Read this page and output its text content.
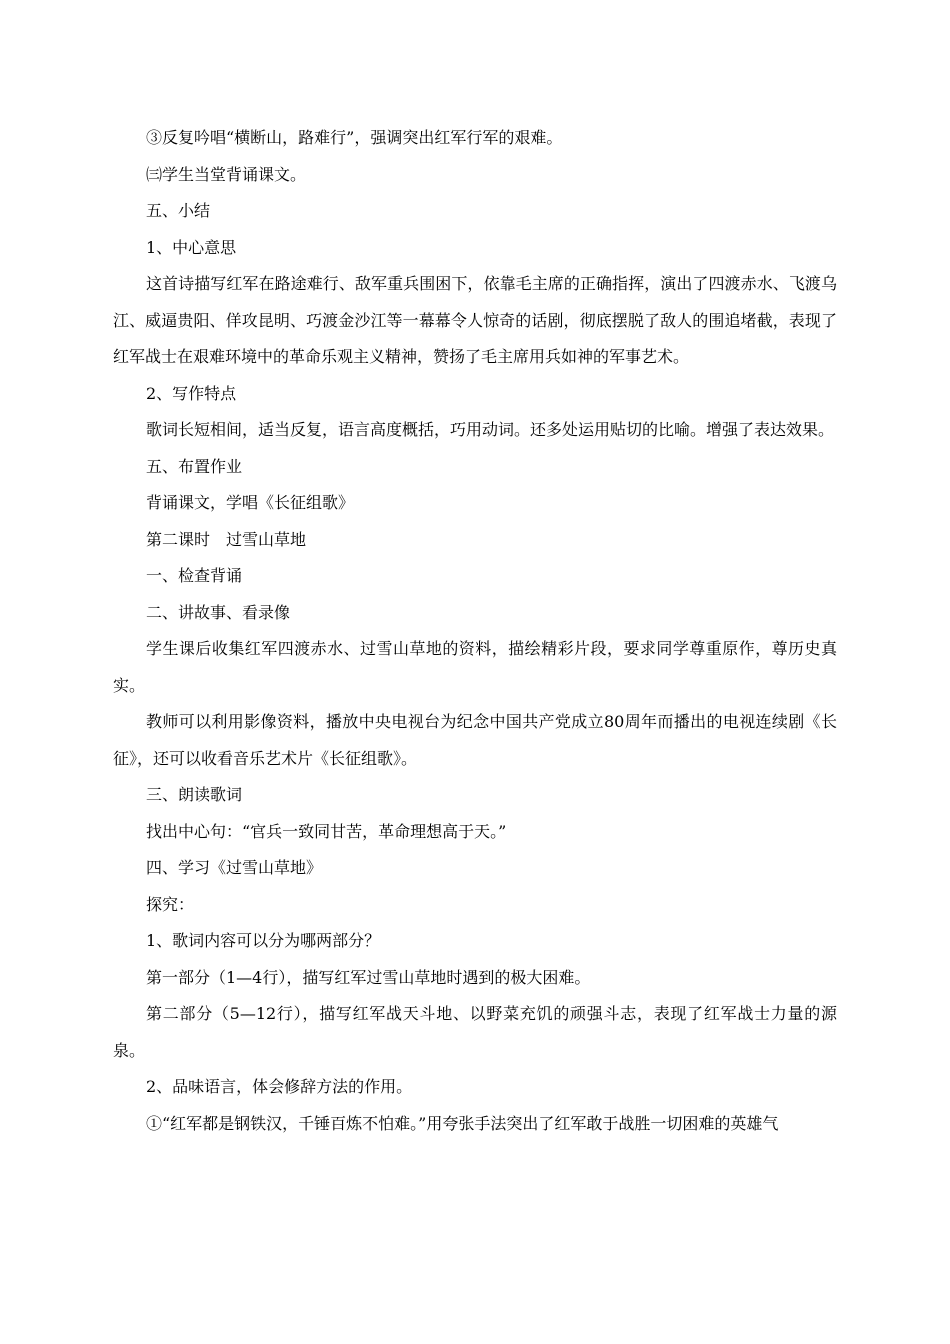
③反复吟唱“横断山，路难行”，强调突出红军行军的艰难。

㈢学生当堂背诵课文。

五、小结

1、中心意思

这首诗描写红军在路途难行、敌军重兵围困下，依靠毛主席的正确指挥，演出了四渡赤水、飞渡乌江、威逼贵阳、佯攻昆明、巧渡金沙江等一幕幕令人惊奇的话剧，彻底摆脱了敌人的围追堵截，表现了红军战士在艰难环境中的革命乐观主义精神，赞扬了毛主席用兵如神的军事艺术。

2、写作特点

歌词长短相间，适当反复，语言高度概括，巧用动词。还多处运用贴切的比喻。增强了表达效果。

五、布置作业

背诵课文，学唱《长征组歌》

第二课时　过雪山草地

一、检查背诵

二、讲故事、看录像

学生课后收集红军四渡赤水、过雪山草地的资料，描绘精彩片段，要求同学尊重原作，尊历史真实。

教师可以利用影像资料，播放中央电视台为纪念中国共产党成立80周年而播出的电视连续剧《长征》，还可以收看音乐艺术片《长征组歌》。

三、朗读歌词

找出中心句：“官兵一致同甘苦，革命理想高于天。”

四、学习《过雪山草地》

探究：

1、歌词内容可以分为哪两部分？

第一部分（1—4行），描写红军过雪山草地时遇到的极大困难。

第二部分（5—12行），描写红军战天斗地、以野菜充饥的顽强斗志，表现了红军战士力量的源泉。

2、品味语言，体会修辞方法的作用。

①“红军都是钢铁汉，千锤百炼不怕难。”用夸张手法突出了红军敢于战胜一切困难的英雄气
